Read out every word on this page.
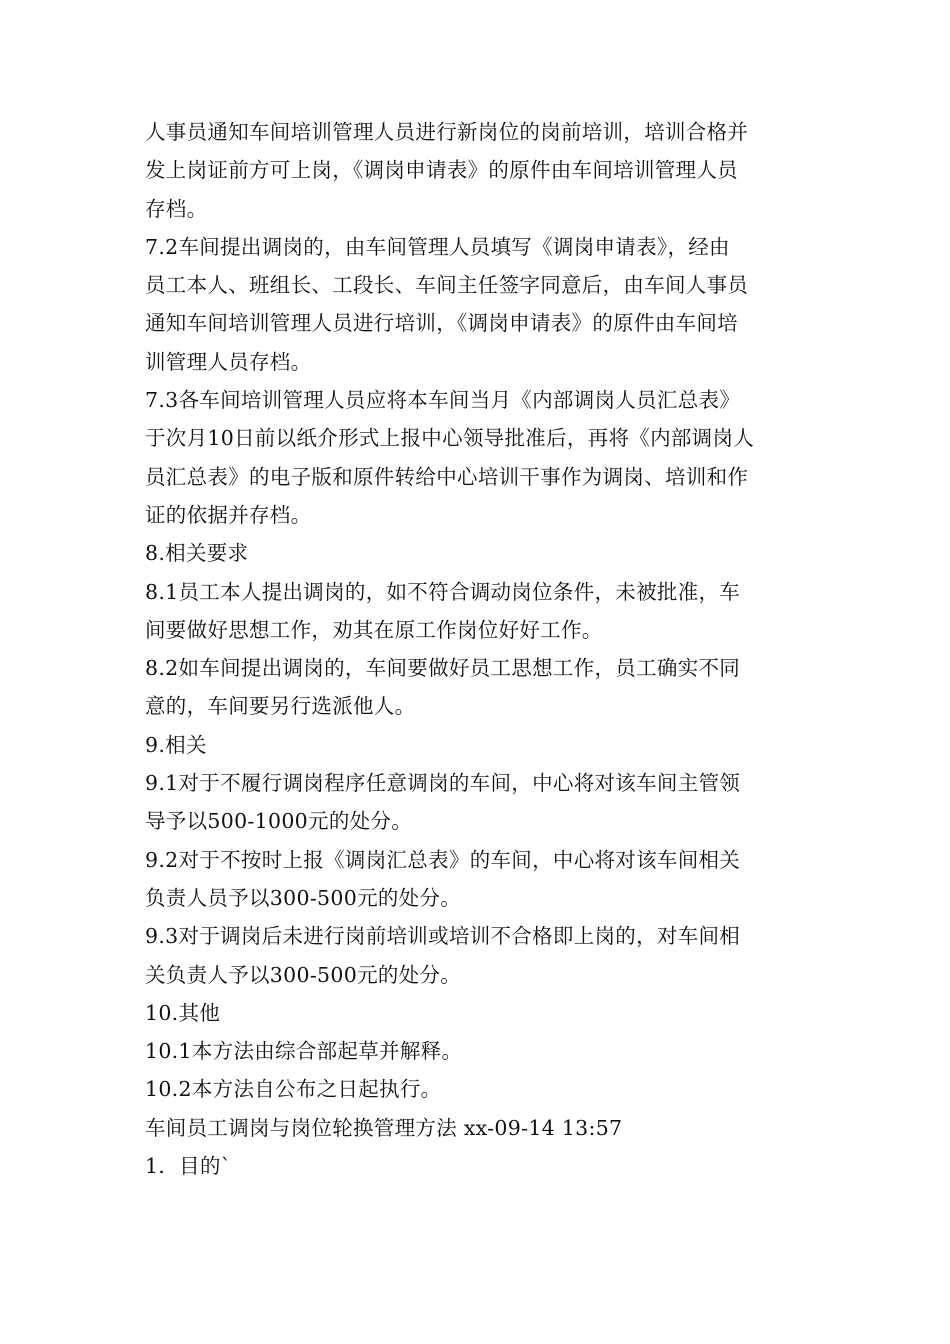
人事员通知车间培训管理人员进行新岗位的岗前培训，培训合格并
发上岗证前方可上岗，《调岗申请表》的原件由车间培训管理人员
存档。
7.2车间提出调岗的，由车间管理人员填写《调岗申请表》，经由
员工本人、班组长、工段长、车间主任签字同意后，由车间人事员
通知车间培训管理人员进行培训，《调岗申请表》的原件由车间培
训管理人员存档。
7.3各车间培训管理人员应将本车间当月《内部调岗人员汇总表》
于次月10日前以纸介形式上报中心领导批准后，再将《内部调岗人
员汇总表》的电子版和原件转给中心培训干事作为调岗、培训和作
证的依据并存档。
8.相关要求
8.1员工本人提出调岗的，如不符合调动岗位条件，未被批准，车
间要做好思想工作，劝其在原工作岗位好好工作。
8.2如车间提出调岗的，车间要做好员工思想工作，员工确实不同
意的，车间要另行选派他人。
9.相关
9.1对于不履行调岗程序任意调岗的车间，中心将对该车间主管领
导予以500-1000元的处分。
9.2对于不按时上报《调岗汇总表》的车间，中心将对该车间相关
负责人员予以300-500元的处分。
9.3对于调岗后未进行岗前培训或培训不合格即上岗的，对车间相
关负责人予以300-500元的处分。
10.其他
10.1本方法由综合部起草并解释。
10.2本方法自公布之日起执行。
车间员工调岗与岗位轮换管理方法 xx-09-14 13:57
1．目的`
